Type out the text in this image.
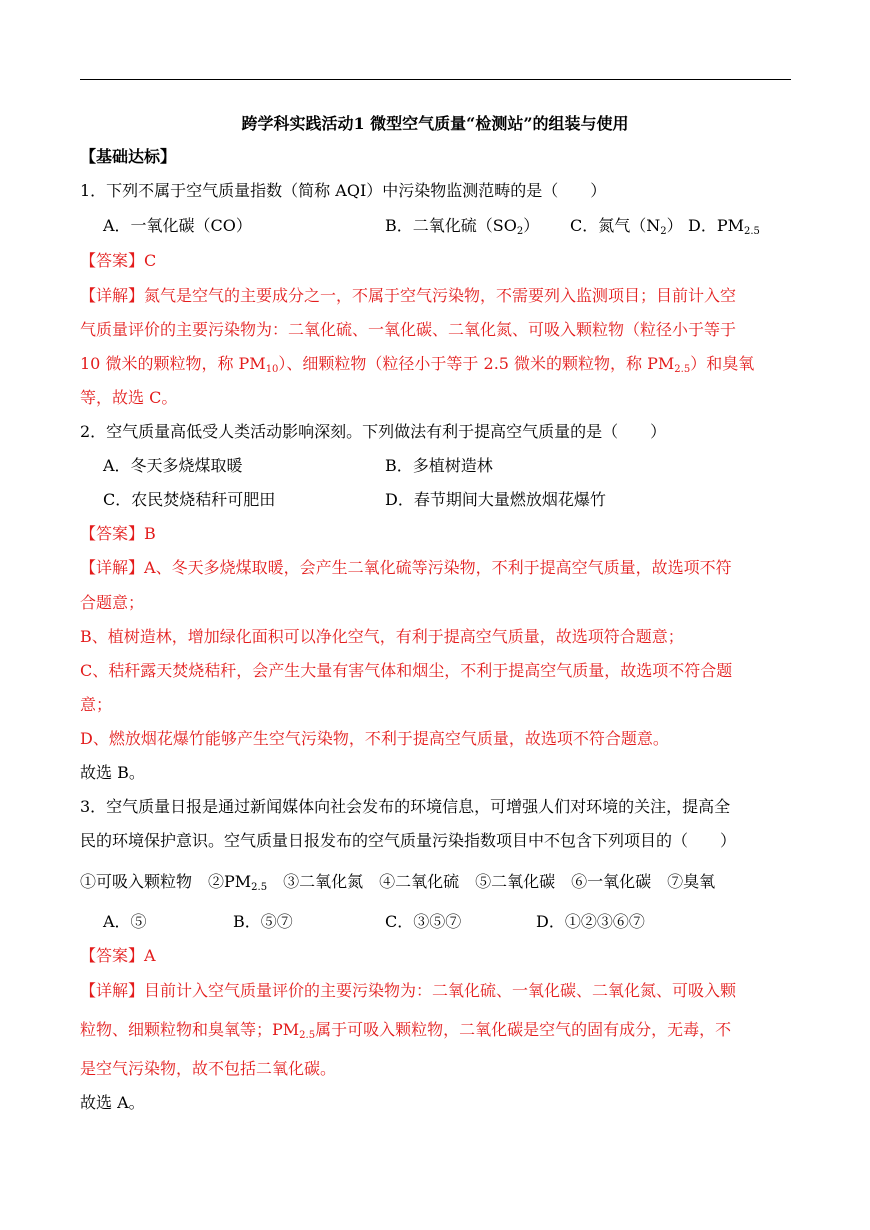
跨学科实践活动1 微型空气质量“检测站”的组装与使用
【基础达标】
1．下列不属于空气质量指数（简称 AQI）中污染物监测范畴的是（　　）
A．一氧化碳（CO）	B．二氧化硫$(SO_2)$ C．氮气$(N_2)$ D．$PM_{2.5}$
【答案】C
【详解】氮气是空气的主要成分之一，不属于空气污染物，不需要列入监测项目；目前计入空
气质量评价的主要污染物为：二氧化硫、一氧化碳、二氧化氮、可吸入颗粒物（粒径小于等于
10 微米的颗粒物，称 $PM_{10}$）、细颗粒物（粒径小于等于 2.5 微米的颗粒物，称 $PM_{2.5}$）和臭氧
等，故选 C。
2．空气质量高低受人类活动影响深刻。下列做法有利于提高空气质量的是（　　）
A．冬天多烧煤取暖	B．多植树造林
C．农民焚烧秸秆可肥田	D．春节期间大量燃放烟花爆竹
【答案】B
【详解】A、冬天多烧煤取暖，会产生二氧化硫等污染物，不利于提高空气质量，故选项不符
合题意；
B、植树造林，增加绿化面积可以净化空气，有利于提高空气质量，故选项符合题意；
C、秸秆露天焚烧秸秆，会产生大量有害气体和烟尘，不利于提高空气质量，故选项不符合题
意；
D、燃放烟花爆竹能够产生空气污染物，不利于提高空气质量，故选项不符合题意。
故选 B。
3．空气质量日报是通过新闻媒体向社会发布的环境信息，可增强人们对环境的关注，提高全
民的环境保护意识。空气质量日报发布的空气质量污染指数项目中不包含下列项目的（　　）
①可吸入颗粒物　$②PM_{2.5}$　③二氧化氮　④二氧化硫　⑤二氧化碳　⑥一氧化碳　⑦臭氧
A．⑤	B．⑤⑦	C．③⑤⑦	D．①②③⑥⑦
【答案】A
【详解】目前计入空气质量评价的主要污染物为：二氧化硫、一氧化碳、二氧化氮、可吸入颗
粒物、细颗粒物和臭氧等；$PM_{2.5}$属于可吸入颗粒物，二氧化碳是空气的固有成分，无毒，不
是空气污染物，故不包括二氧化碳。
故选 A。
